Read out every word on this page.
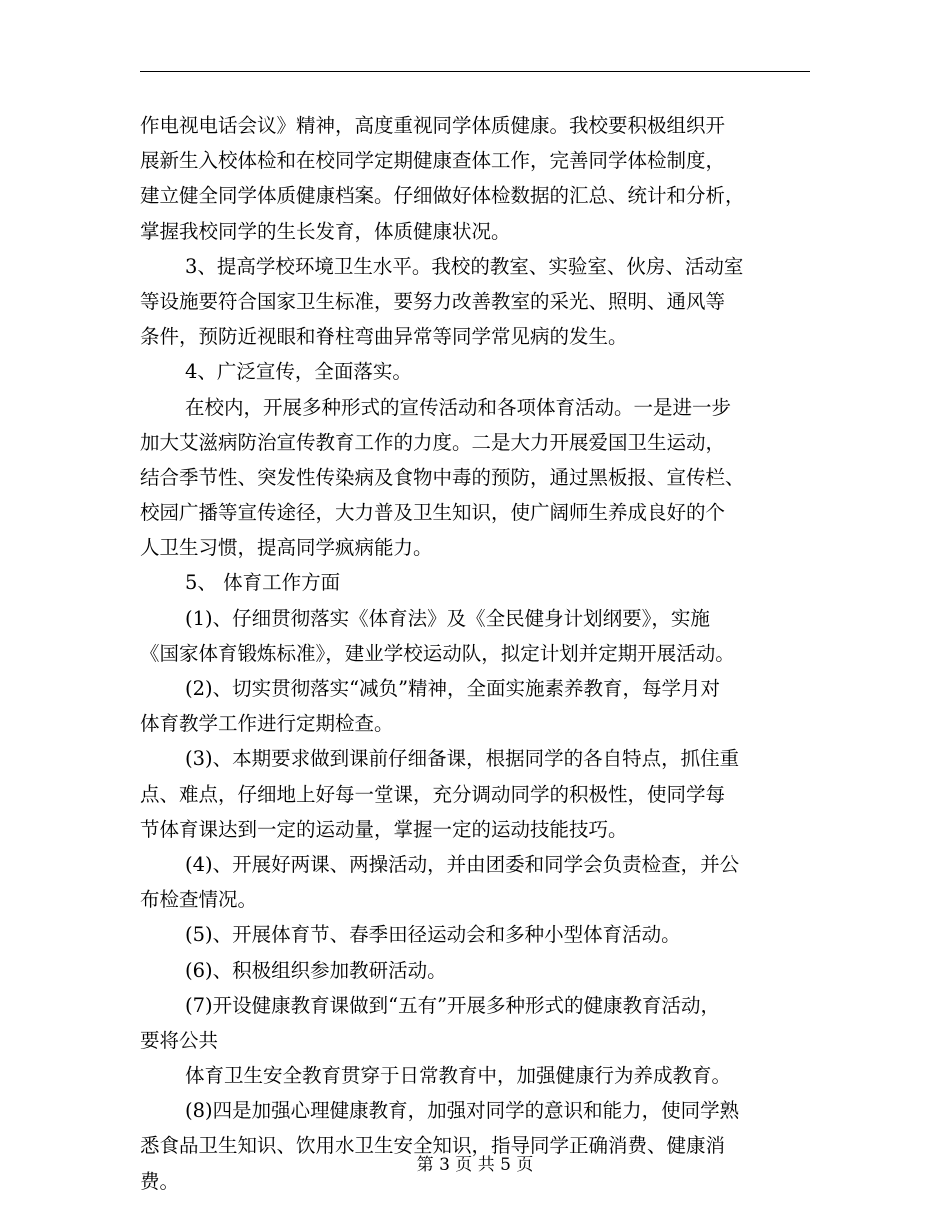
作电视电话会议》精神，高度重视同学体质健康。我校要积极组织开
展新生入校体检和在校同学定期健康查体工作，完善同学体检制度，
建立健全同学体质健康档案。仔细做好体检数据的汇总、统计和分析，
掌握我校同学的生长发育，体质健康状况。
3、提高学校环境卫生水平。我校的教室、实验室、伙房、活动室
等设施要符合国家卫生标准，要努力改善教室的采光、照明、通风等
条件，预防近视眼和脊柱弯曲异常等同学常见病的发生。
4、广泛宣传，全面落实。
在校内，开展多种形式的宣传活动和各项体育活动。一是进一步
加大艾滋病防治宣传教育工作的力度。二是大力开展爱国卫生运动，
结合季节性、突发性传染病及食物中毒的预防，通过黑板报、宣传栏、
校园广播等宣传途径，大力普及卫生知识，使广阔师生养成良好的个
人卫生习惯，提高同学疯病能力。
5、 体育工作方面
(1)、仔细贯彻落实《体育法》及《全民健身计划纲要》，实施
《国家体育锻炼标准》，建业学校运动队，拟定计划并定期开展活动。
(2)、切实贯彻落实“减负”精神，全面实施素养教育，每学月对
体育教学工作进行定期检查。
(3)、本期要求做到课前仔细备课，根据同学的各自特点，抓住重
点、难点，仔细地上好每一堂课，充分调动同学的积极性，使同学每
节体育课达到一定的运动量，掌握一定的运动技能技巧。
(4)、开展好两课、两操活动，并由团委和同学会负责检查，并公
布检查情况。
(5)、开展体育节、春季田径运动会和多种小型体育活动。
(6)、积极组织参加教研活动。
(7)开设健康教育课做到“五有”开展多种形式的健康教育活动，
要将公共
体育卫生安全教育贯穿于日常教育中，加强健康行为养成教育。
(8)四是加强心理健康教育，加强对同学的意识和能力，使同学熟
悉食品卫生知识、饮用水卫生安全知识，指导同学正确消费、健康消
费。
第 3 页 共 5 页
